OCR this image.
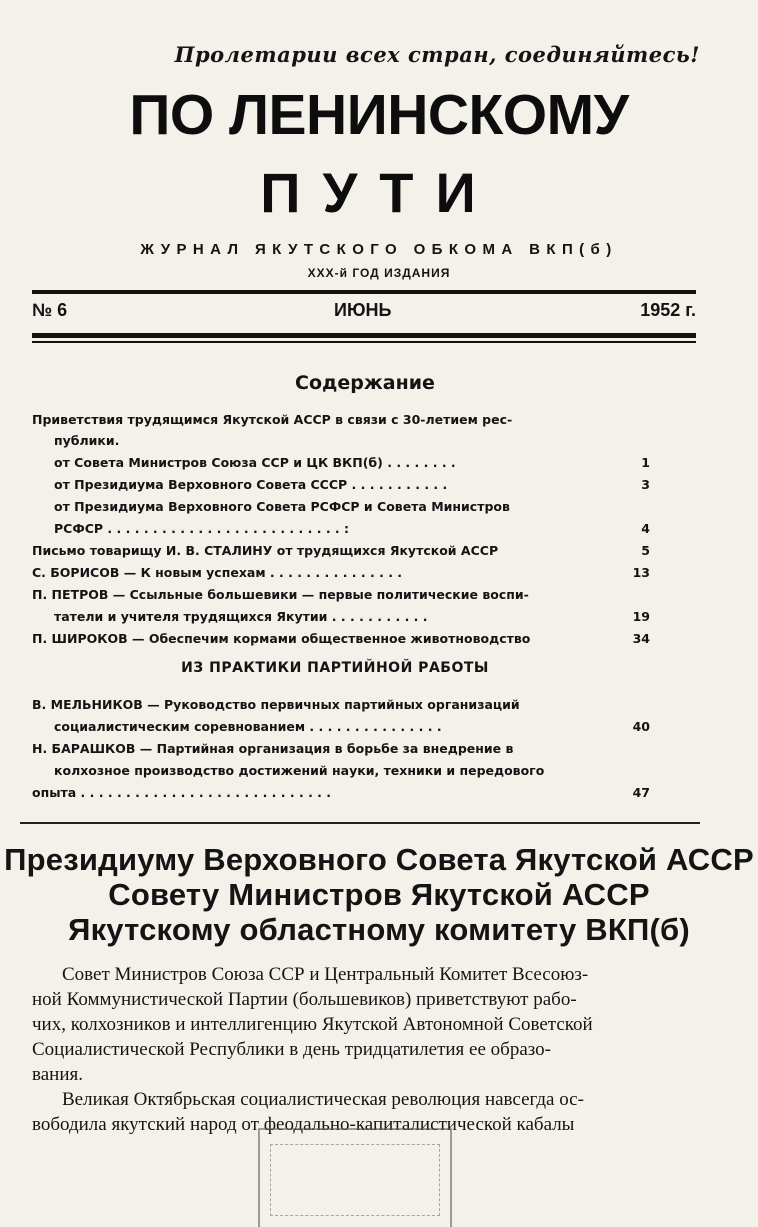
Пролетарии всех стран, соединяйтесь!
ПО ЛЕНИНСКОМУ
ПУТИ
ЖУРНАЛ ЯКУТСКОГО ОБКОМА ВКП(б)
XXX-й ГОД ИЗДАНИЯ
№ 6	ИЮНЬ	1952 г.
Содержание
Приветствия трудящимся Якутской АССР в связи с 30-летием рес-
публики.
от Совета Министров Союза ССР и ЦК ВКП(б) . . . . . . . .	1
от Президиума Верховного Совета СССР . . . . . . . . . . .	3
от Президиума Верховного Совета РСФСР и Совета Министров
РСФСР . . . . . . . . . . . . . . . . . . . . . . . . . . :	4
Письмо товарищу И. В. СТАЛИНУ от трудящихся Якутской АССР	5
С. БОРИСОВ — К новым успехам . . . . . . . . . . . . . . .	13
П. ПЕТРОВ — Ссыльные большевики — первые политические воспи-
татели и учителя трудящихся Якутии . . . . . . . . . . .	19
П. ШИРОКОВ — Обеспечим кормами общественное животноводство	34
ИЗ ПРАКТИКИ ПАРТИЙНОЙ РАБОТЫ
В. МЕЛЬНИКОВ — Руководство первичных партийных организаций
социалистическим соревнованием . . . . . . . . . . . . . . .	40
Н. БАРАШКОВ — Партийная организация в борьбе за внедрение в
колхозное производство достижений науки, техники и передового
опыта . . . . . . . . . . . . . . . . . . . . . . . . . . . .	47
Президиуму Верховного Совета Якутской АССР
Совету Министров Якутской АССР
Якутскому областному комитету ВКП(б)
Совет Министров Союза ССР и Центральный Комитет Всесоюз-
ной Коммунистической Партии (большевиков) приветствуют рабо-
чих, колхозников и интеллигенцию Якутской Автономной Советской
Социалистической Республики в день тридцатилетия ее образо-
вания.
Великая Октябрьская социалистическая революция навсегда ос-
вободила якутский народ от феодально-капиталистической кабалы
